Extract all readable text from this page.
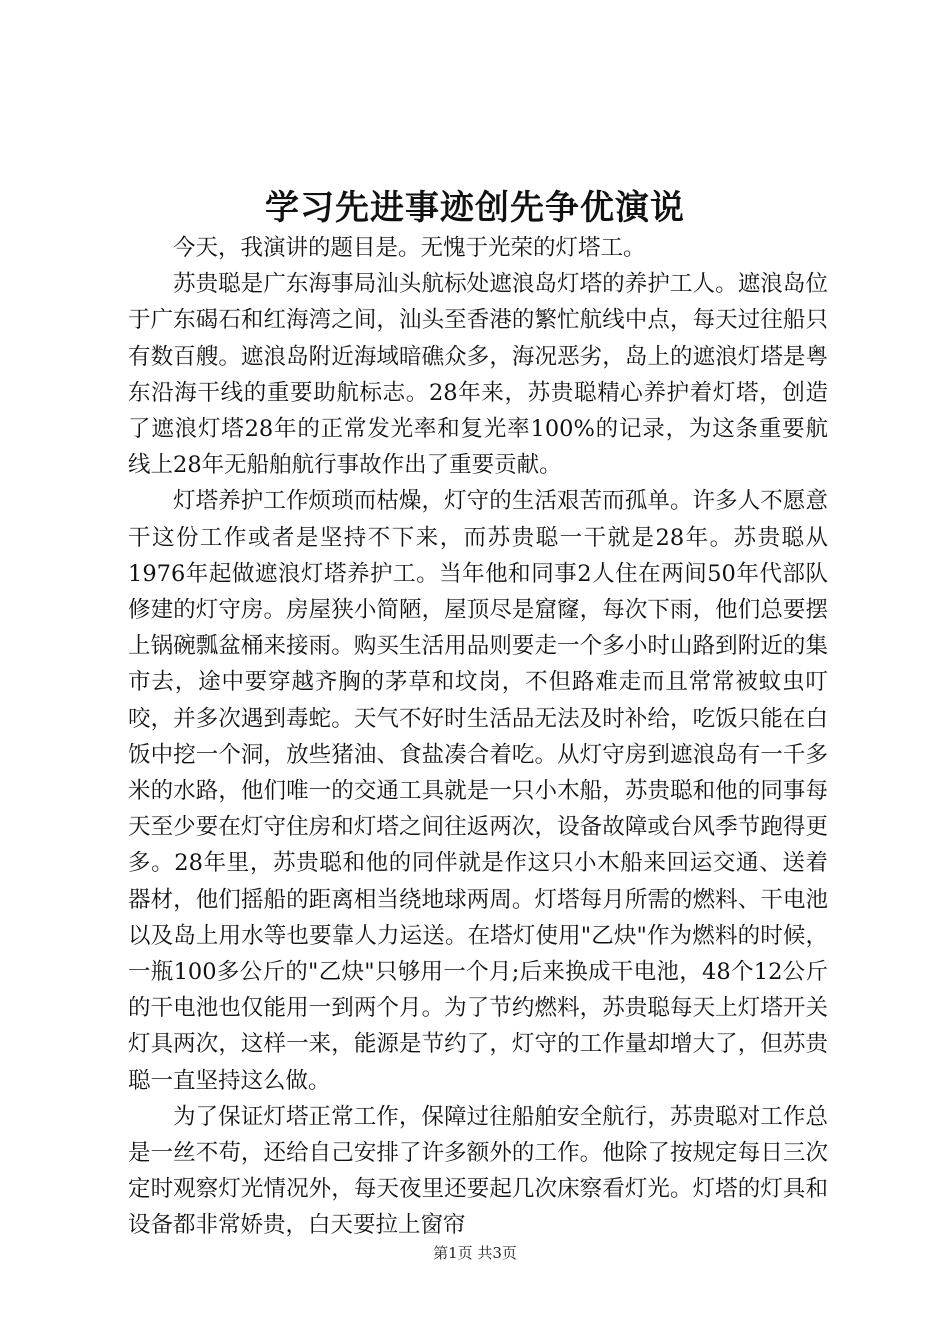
学习先进事迹创先争优演说

今天，我演讲的题目是。无愧于光荣的灯塔工。

苏贵聪是广东海事局汕头航标处遮浪岛灯塔的养护工人。遮浪岛位于广东碣石和红海湾之间，汕头至香港的繁忙航线中点，每天过往船只有数百艘。遮浪岛附近海域暗礁众多，海况恶劣，岛上的遮浪灯塔是粤东沿海干线的重要助航标志。28年来，苏贵聪精心养护着灯塔，创造了遮浪灯塔28年的正常发光率和复光率100%的记录，为这条重要航线上28年无船舶航行事故作出了重要贡献。

灯塔养护工作烦琐而枯燥，灯守的生活艰苦而孤单。许多人不愿意干这份工作或者是坚持不下来，而苏贵聪一干就是28年。苏贵聪从1976年起做遮浪灯塔养护工。当年他和同事2人住在两间50年代部队修建的灯守房。房屋狭小简陋，屋顶尽是窟窿，每次下雨，他们总要摆上锅碗瓢盆桶来接雨。购买生活用品则要走一个多小时山路到附近的集市去，途中要穿越齐胸的茅草和坟岗，不但路难走而且常常被蚊虫叮咬，并多次遇到毒蛇。天气不好时生活品无法及时补给，吃饭只能在白饭中挖一个洞，放些猪油、食盐凑合着吃。从灯守房到遮浪岛有一千多米的水路，他们唯一的交通工具就是一只小木船，苏贵聪和他的同事每天至少要在灯守住房和灯塔之间往返两次，设备故障或台风季节跑得更多。28年里，苏贵聪和他的同伴就是作这只小木船来回运交通、送着器材，他们摇船的距离相当绕地球两周。灯塔每月所需的燃料、干电池以及岛上用水等也要靠人力运送。在塔灯使用"乙炔"作为燃料的时候，一瓶100多公斤的"乙炔"只够用一个月;后来换成干电池，48个12公斤的干电池也仅能用一到两个月。为了节约燃料，苏贵聪每天上灯塔开关灯具两次，这样一来，能源是节约了，灯守的工作量却增大了，但苏贵聪一直坚持这么做。

为了保证灯塔正常工作，保障过往船舶安全航行，苏贵聪对工作总是一丝不苟，还给自己安排了许多额外的工作。他除了按规定每日三次定时观察灯光情况外，每天夜里还要起几次床察看灯光。灯塔的灯具和设备都非常娇贵，白天要拉上窗帘

第1页 共3页
